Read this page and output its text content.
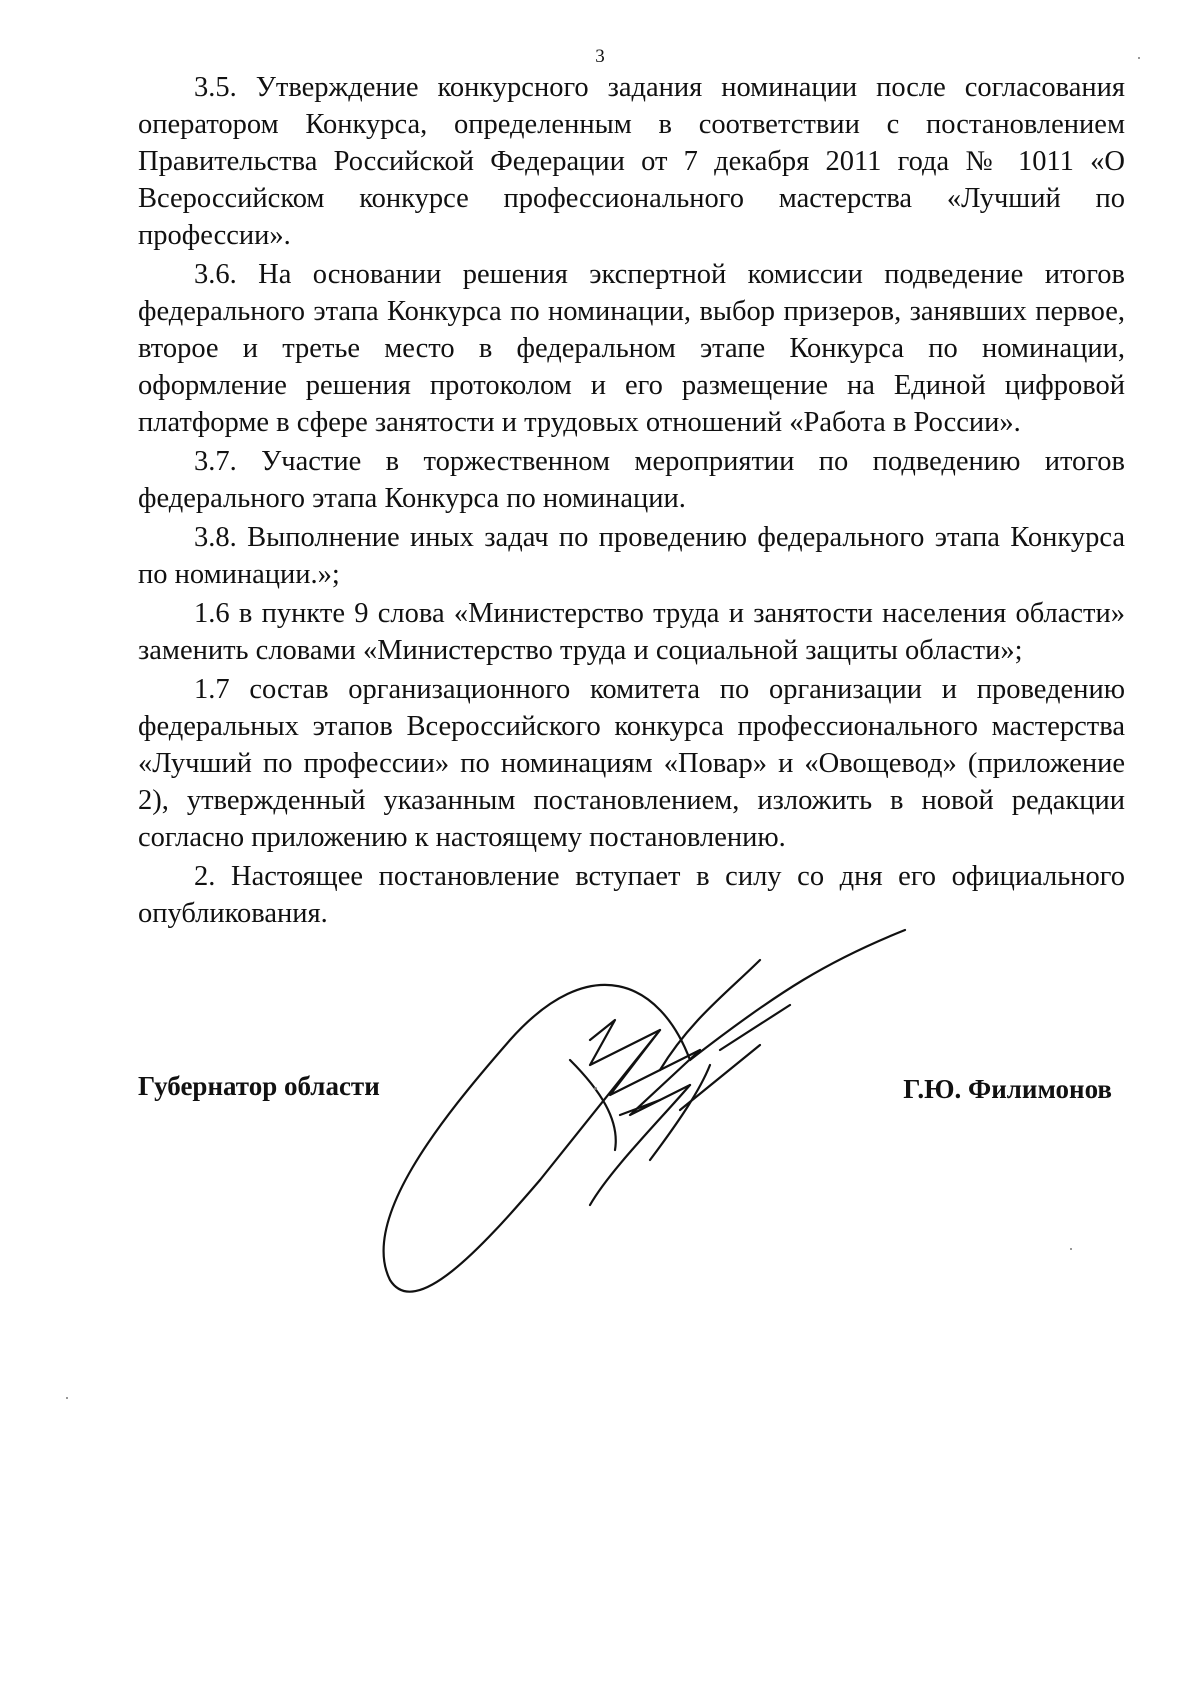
3

3.5. Утверждение конкурсного задания номинации после согласования оператором Конкурса, определенным в соответствии с постановлением Правительства Российской Федерации от 7 декабря 2011 года № 1011 «О Всероссийском конкурсе профессионального мастерства «Лучший по профессии».

3.6. На основании решения экспертной комиссии подведение итогов федерального этапа Конкурса по номинации, выбор призеров, занявших первое, второе и третье место в федеральном этапе Конкурса по номинации, оформление решения протоколом и его размещение на Единой цифровой платформе в сфере занятости и трудовых отношений «Работа в России».

3.7. Участие в торжественном мероприятии по подведению итогов федерального этапа Конкурса по номинации.

3.8. Выполнение иных задач по проведению федерального этапа Конкурса по номинации.»;

1.6 в пункте 9 слова «Министерство труда и занятости населения области» заменить словами «Министерство труда и социальной защиты области»;

1.7 состав организационного комитета по организации и проведению федеральных этапов Всероссийского конкурса профессионального мастерства «Лучший по профессии» по номинациям «Повар» и «Овощевод» (приложение 2), утвержденный указанным постановлением, изложить в новой редакции согласно приложению к настоящему постановлению.

2. Настоящее постановление вступает в силу со дня его официального опубликования.

Губернатор области	Г.Ю. Филимонов
